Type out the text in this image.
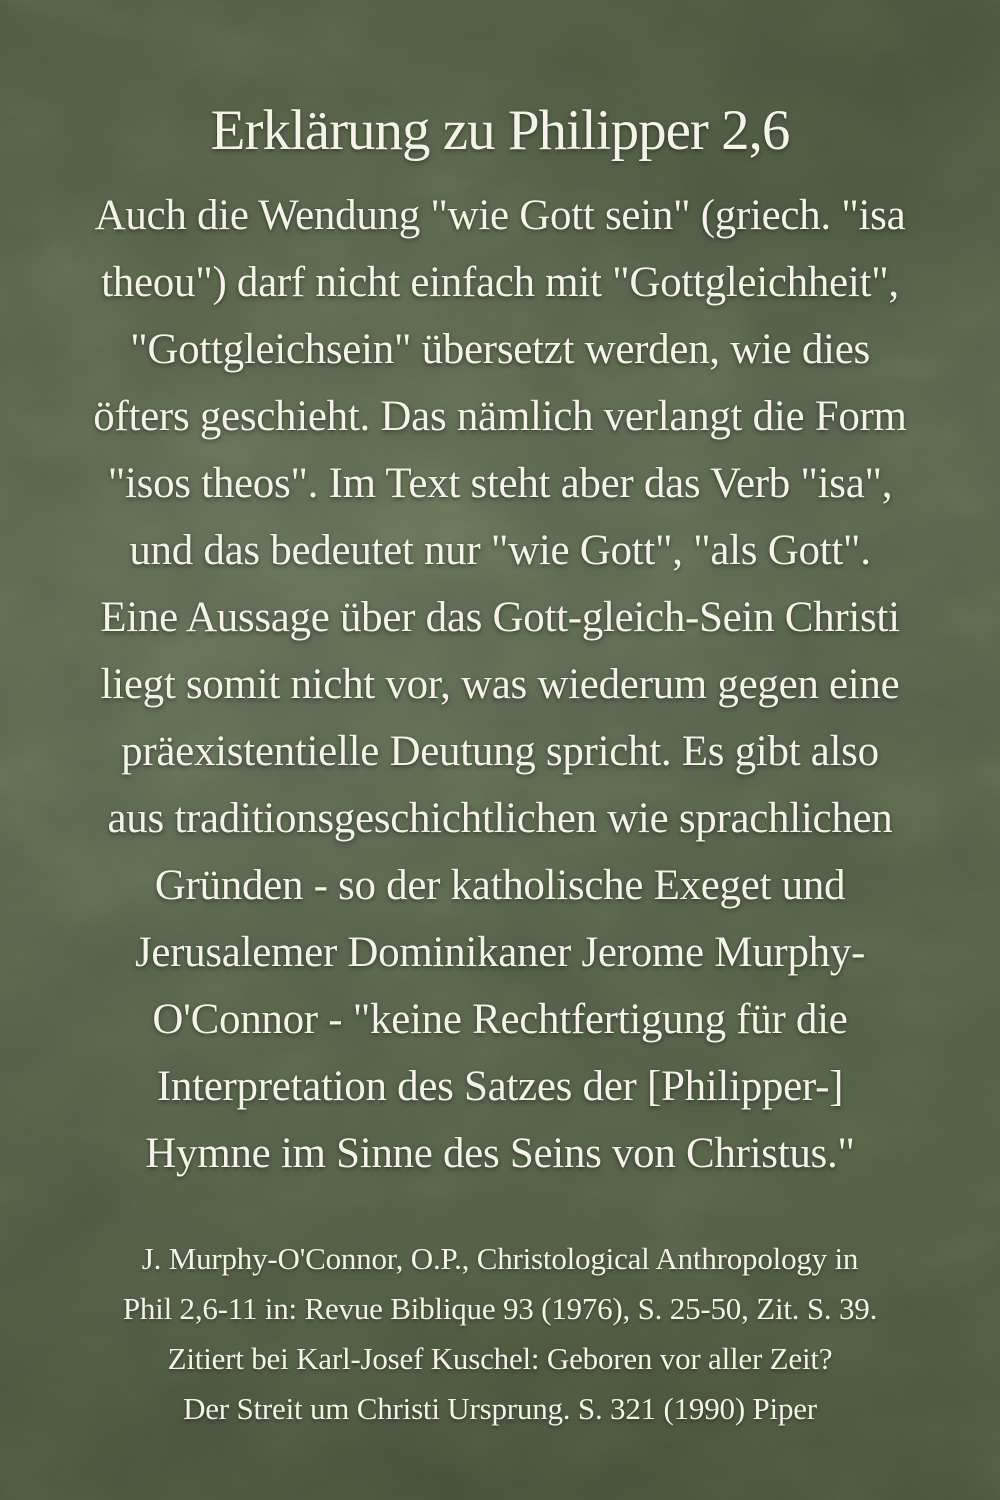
Erklärung zu Philipper 2,6
Auch die Wendung "wie Gott sein" (griech. "isa
theou") darf nicht einfach mit "Gottgleichheit",
"Gottgleichsein" übersetzt werden, wie dies
öfters geschieht. Das nämlich verlangt die Form
"isos theos". Im Text steht aber das Verb "isa",
und das bedeutet nur "wie Gott", "als Gott".
Eine Aussage über das Gott-gleich-Sein Christi
liegt somit nicht vor, was wiederum gegen eine
präexistentielle Deutung spricht. Es gibt also
aus traditionsgeschichtlichen wie sprachlichen
Gründen - so der katholische Exeget und
Jerusalemer Dominikaner Jerome Murphy-
O'Connor - "keine Rechtfertigung für die
Interpretation des Satzes der [Philipper-]
Hymne im Sinne des Seins von Christus."
J. Murphy-O'Connor, O.P., Christological Anthropology in
Phil 2,6-11 in: Revue Biblique 93 (1976), S. 25-50, Zit. S. 39.
Zitiert bei Karl-Josef Kuschel: Geboren vor aller Zeit?
Der Streit um Christi Ursprung. S. 321 (1990) Piper
